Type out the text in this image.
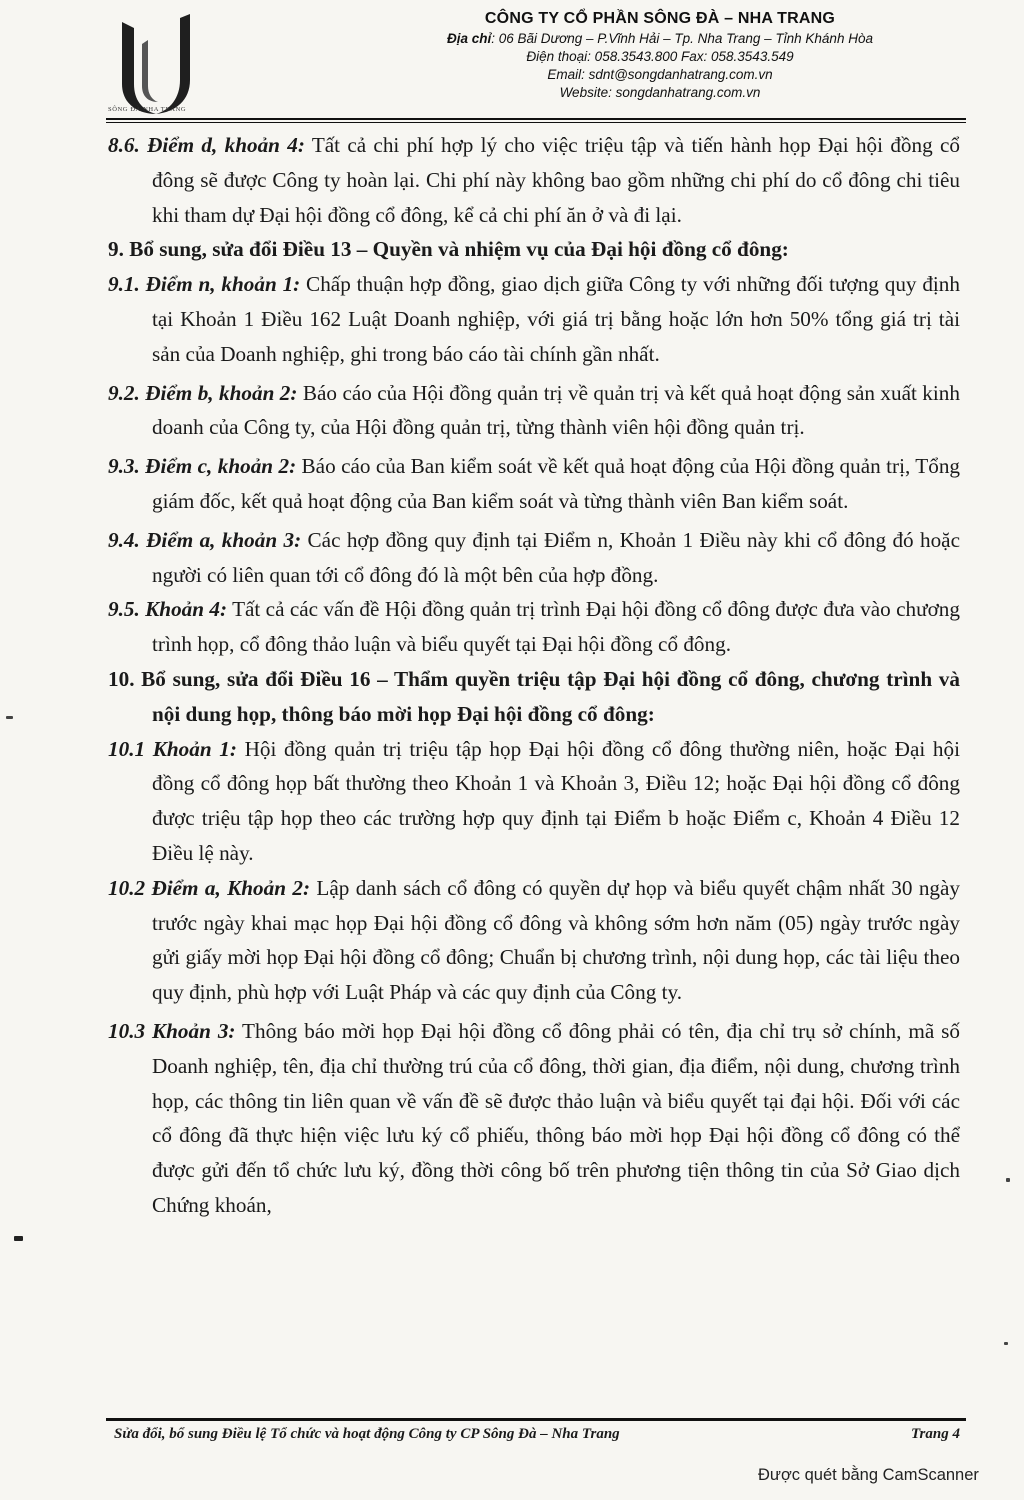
SÔNG ĐÀ NHA TRANG
CÔNG TY CỔ PHẦN SÔNG ĐÀ – NHA TRANG
Địa chỉ: 06 Bãi Dương – P.Vĩnh Hải – Tp. Nha Trang – Tỉnh Khánh Hòa
Điện thoại: 058.3543.800 Fax: 058.3543.549
Email: sdnt@songdanhatrang.com.vn
Website: songdanhatrang.com.vn

8.6. Điểm d, khoản 4: Tất cả chi phí hợp lý cho việc triệu tập và tiến hành họp Đại hội đồng cổ đông sẽ được Công ty hoàn lại. Chi phí này không bao gồm những chi phí do cổ đông chi tiêu khi tham dự Đại hội đồng cổ đông, kể cả chi phí ăn ở và đi lại.

9. Bổ sung, sửa đổi Điều 13 – Quyền và nhiệm vụ của Đại hội đồng cổ đông:

9.1. Điểm n, khoản 1: Chấp thuận hợp đồng, giao dịch giữa Công ty với những đối tượng quy định tại Khoản 1 Điều 162 Luật Doanh nghiệp, với giá trị bằng hoặc lớn hơn 50% tổng giá trị tài sản của Doanh nghiệp, ghi trong báo cáo tài chính gần nhất.

9.2. Điểm b, khoản 2: Báo cáo của Hội đồng quản trị về quản trị và kết quả hoạt động sản xuất kinh doanh của Công ty, của Hội đồng quản trị, từng thành viên hội đồng quản trị.

9.3. Điểm c, khoản 2: Báo cáo của Ban kiểm soát về kết quả hoạt động của Hội đồng quản trị, Tổng giám đốc, kết quả hoạt động của Ban kiểm soát và từng thành viên Ban kiểm soát.

9.4. Điểm a, khoản 3: Các hợp đồng quy định tại Điểm n, Khoản 1 Điều này khi cổ đông đó hoặc người có liên quan tới cổ đông đó là một bên của hợp đồng.

9.5. Khoản 4: Tất cả các vấn đề Hội đồng quản trị trình Đại hội đồng cổ đông được đưa vào chương trình họp, cổ đông thảo luận và biểu quyết tại Đại hội đồng cổ đông.

10. Bổ sung, sửa đổi Điều 16 – Thẩm quyền triệu tập Đại hội đồng cổ đông, chương trình và nội dung họp, thông báo mời họp Đại hội đồng cổ đông:

10.1 Khoản 1: Hội đồng quản trị triệu tập họp Đại hội đồng cổ đông thường niên, hoặc Đại hội đồng cổ đông họp bất thường theo Khoản 1 và Khoản 3, Điều 12; hoặc Đại hội đồng cổ đông được triệu tập họp theo các trường hợp quy định tại Điểm b hoặc Điểm c, Khoản 4 Điều 12 Điều lệ này.

10.2 Điểm a, Khoản 2: Lập danh sách cổ đông có quyền dự họp và biểu quyết chậm nhất 30 ngày trước ngày khai mạc họp Đại hội đồng cổ đông và không sớm hơn năm (05) ngày trước ngày gửi giấy mời họp Đại hội đồng cổ đông; Chuẩn bị chương trình, nội dung họp, các tài liệu theo quy định, phù hợp với Luật Pháp và các quy định của Công ty.

10.3 Khoản 3: Thông báo mời họp Đại hội đồng cổ đông phải có tên, địa chỉ trụ sở chính, mã số Doanh nghiệp, tên, địa chỉ thường trú của cổ đông, thời gian, địa điểm, nội dung, chương trình họp, các thông tin liên quan về vấn đề sẽ được thảo luận và biểu quyết tại đại hội. Đối với các cổ đông đã thực hiện việc lưu ký cổ phiếu, thông báo mời họp Đại hội đồng cổ đông có thể được gửi đến tổ chức lưu ký, đồng thời công bố trên phương tiện thông tin của Sở Giao dịch Chứng khoán,

Sửa đổi, bổ sung Điều lệ Tổ chức và hoạt động Công ty CP Sông Đà – Nha Trang	Trang 4
Được quét bằng CamScanner
